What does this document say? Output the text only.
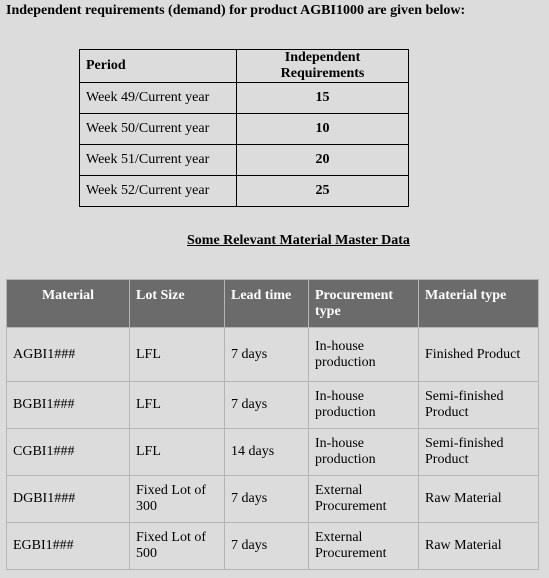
Independent requirements (demand) for product AGBI1000 are given below:
Period	Independent Requirements
Week 49/Current year	15
Week 50/Current year	10
Week 51/Current year	20
Week 52/Current year	25
Some Relevant Material Master Data
Material	Lot Size	Lead time	Procurement type	Material type
AGBI1###	LFL	7 days	In-house production	Finished Product
BGBI1###	LFL	7 days	In-house production	Semi-finished Product
CGBI1###	LFL	14 days	In-house production	Semi-finished Product
DGBI1###	Fixed Lot of 300	7 days	External Procurement	Raw Material
EGBI1###	Fixed Lot of 500	7 days	External Procurement	Raw Material
